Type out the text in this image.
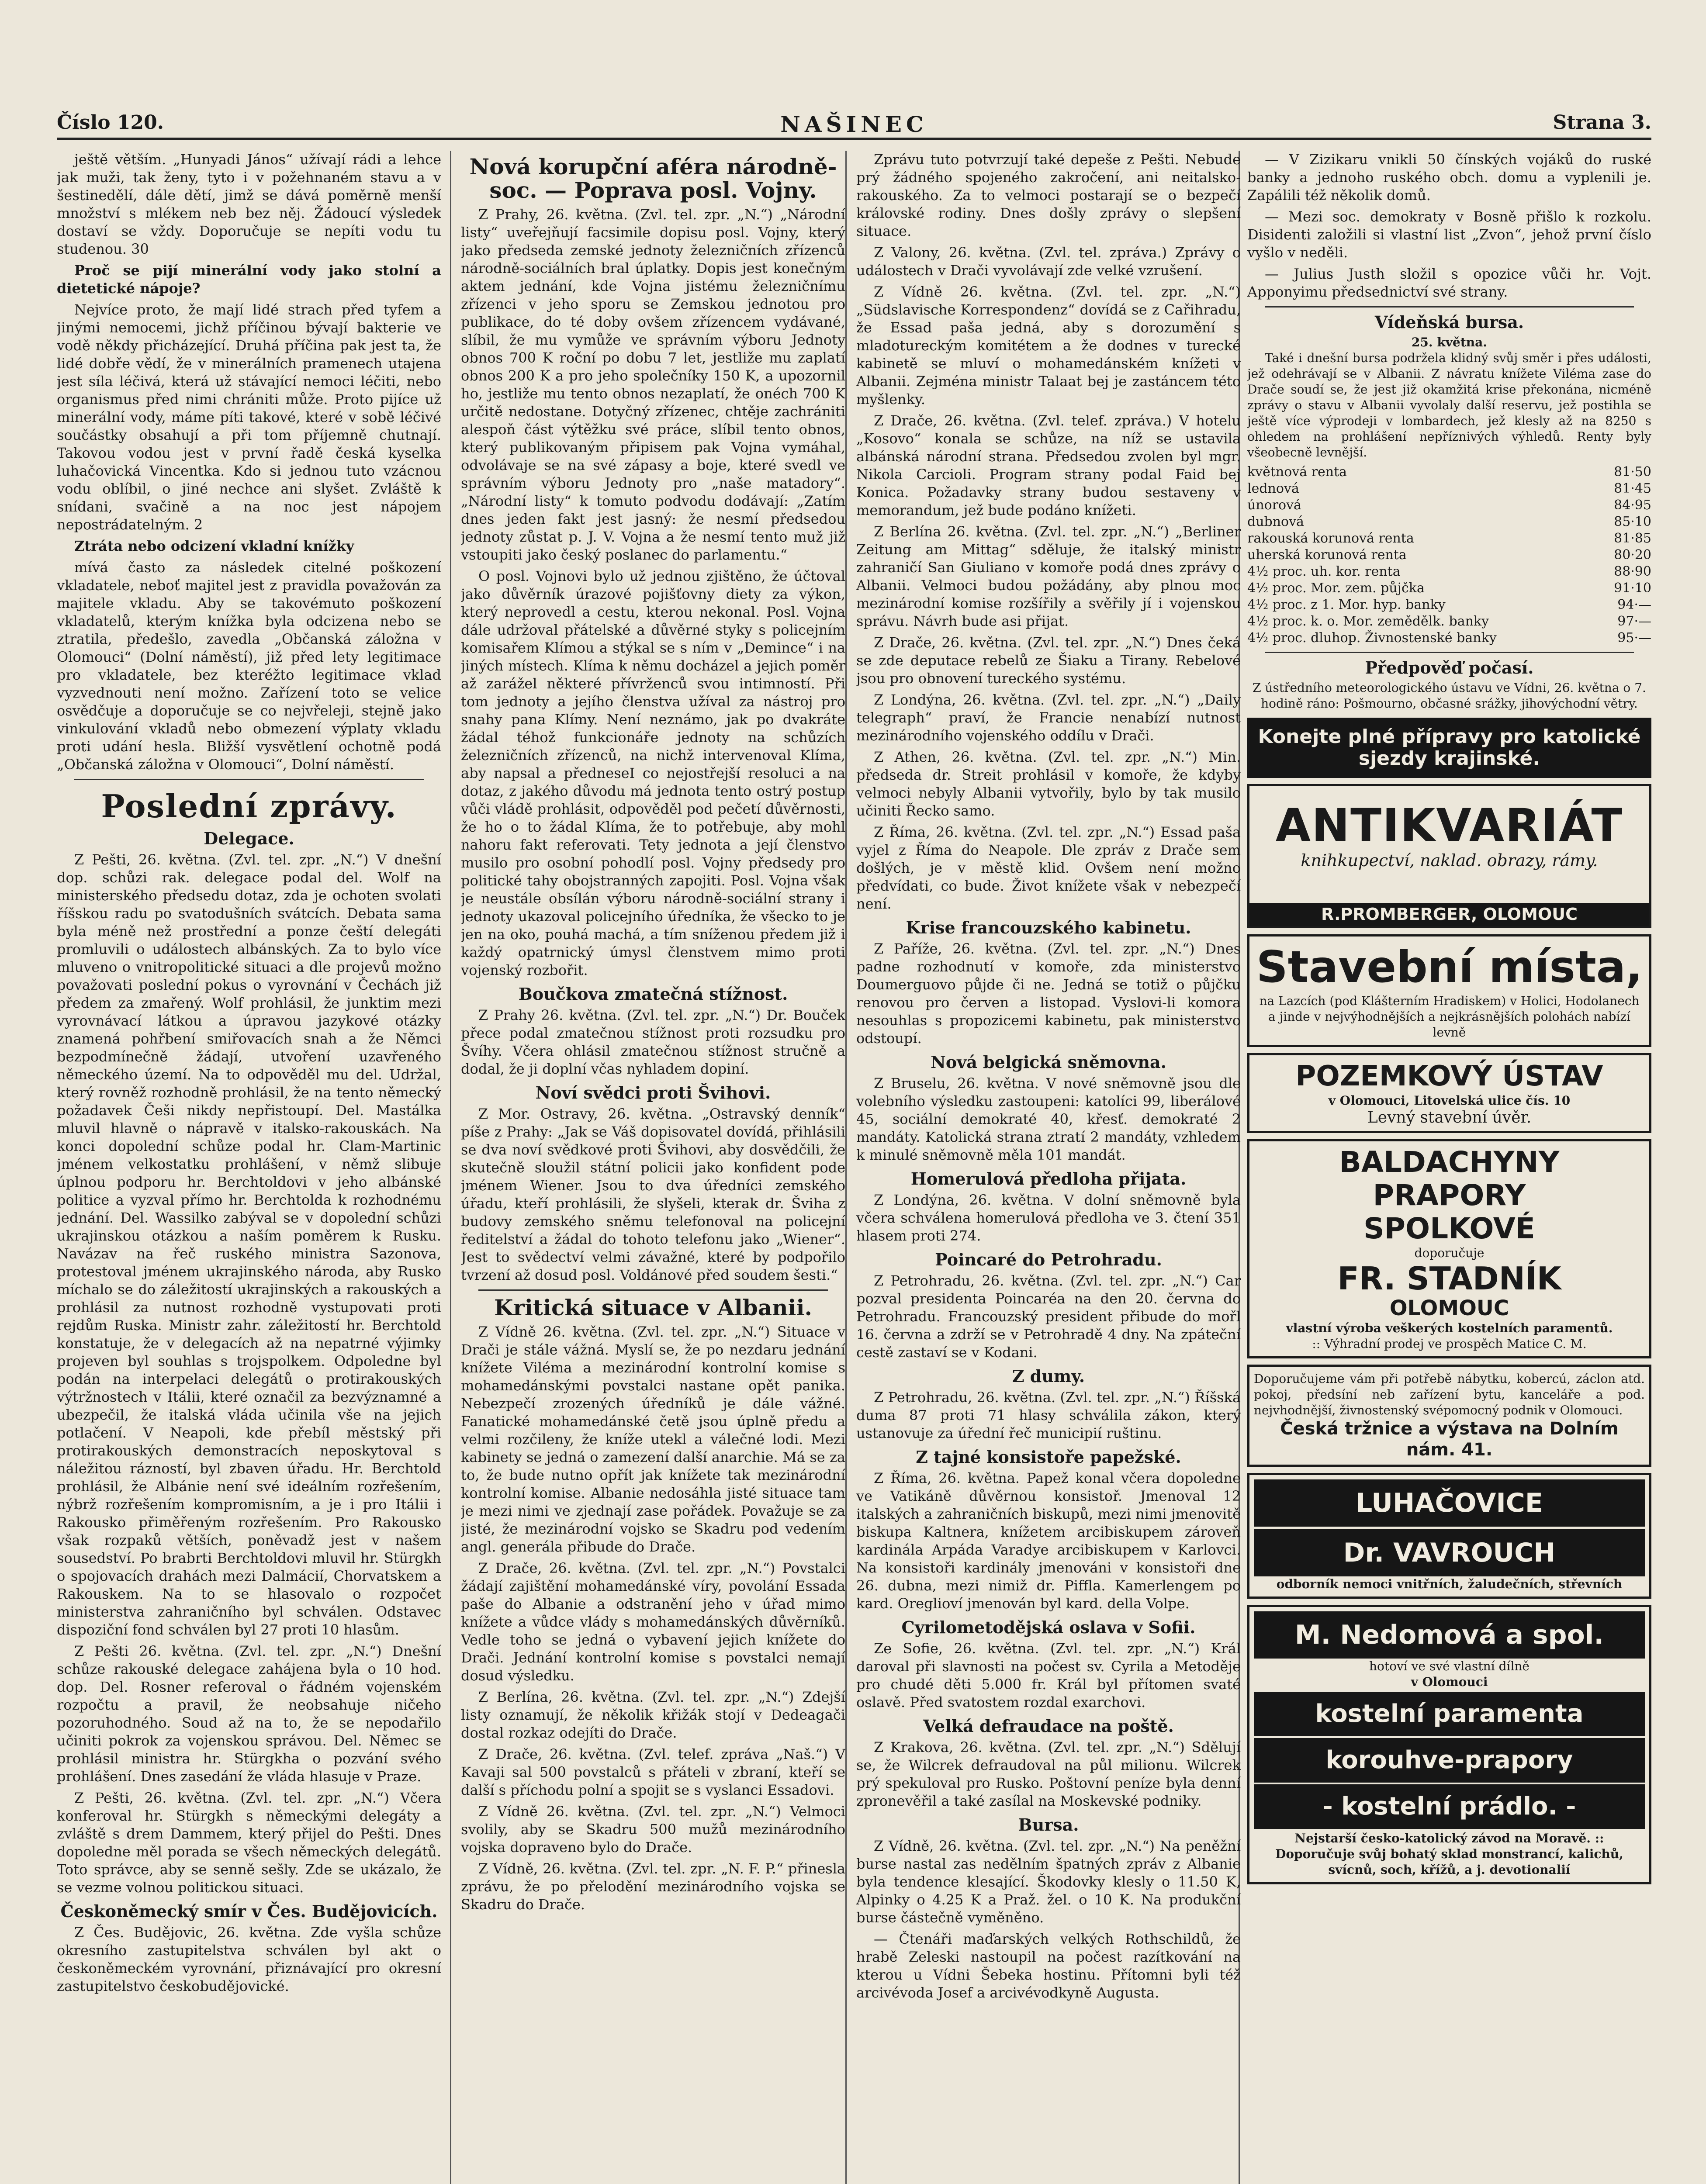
Číslo 120.	NAŠINEC	Strana 3.

ještě větším. „Hunyadi János“ užívají rádi a lehce jak muži, tak ženy, tyto i v požehnaném stavu a v šestinedělí, dále dětí, jimž se dává poměrně menší množství s mlékem neb bez něj. Žádoucí výsledek dostaví se vždy. Doporučuje se nepíti vodu tu studenou. 30

Proč se pijí minerální vody jako stolní a dietetické nápoje?

Nejvíce proto, že mají lidé strach před tyfem a jinými nemocemi, jichž příčinou bývají bakterie ve vodě někdy přicházející. Druhá příčina pak jest ta, že lidé dobře vědí, že v minerálních pramenech utajena jest síla léčivá, která už stávající nemoci léčiti, nebo organismus před nimi chrániti může. Proto pijíce už minerální vody, máme píti takové, které v sobě léčivé součástky obsahují a při tom příjemně chutnají. Takovou vodou jest v první řadě česká kyselka luhačovická Vincentka. Kdo si jednou tuto vzácnou vodu oblíbil, o jiné nechce ani slyšet. Zvláště k snídani, svačině a na noc jest nápojem nepostrádatelným. 2

Ztráta nebo odcizení vkladní knížky

mívá často za následek citelné poškození vkladatele, neboť majitel jest z pravidla považován za majitele vkladu. Aby se takovémuto poškození vkladatelů, kterým knížka byla odcizena nebo se ztratila, předešlo, zavedla „Občanská záložna v Olomouci“ (Dolní náměstí), již před lety legitimace pro vkladatele, bez kteréžto legitimace vklad vyzvednouti není možno. Zařízení toto se velice osvědčuje a doporučuje se co nejvřeleji, stejně jako vinkulování vkladů nebo obmezení výplaty vkladu proti udání hesla. Bližší vysvětlení ochotně podá „Občanská záložna v Olomouci“, Dolní náměstí.

Poslední zprávy.
Delegace.

Z Pešti, 26. května. (Zvl. tel. zpr. „N.“) V dnešní dop. schůzi rak. delegace podal del. Wolf na ministerského předsedu dotaz, zda je ochoten svolati říšskou radu po svatodušních svátcích. Debata sama byla méně než prostřední a ponze čeští delegáti promluvili o událostech albánských. Za to bylo více mluveno o vnitropolitické situaci a dle projevů možno považovati poslední pokus o vyrovnání v Čechách již předem za zmařený. Wolf prohlásil, že junktim mezi vyrovnávací látkou a úpravou jazykové otázky znamená pohřbení smiřovacích snah a že Němci bezpodmínečně žádají, utvoření uzavřeného německého území. Na to odpověděl mu del. Udržal, který rovněž rozhodně prohlásil, že na tento německý požadavek Češi nikdy nepřistoupí. Del. Mastálka mluvil hlavně o nápravě v italsko-rakouskách. Na konci dopolední schůze podal hr. Clam-Martinic jménem velkostatku prohlášení, v němž slibuje úplnou podporu hr. Berchtoldovi v jeho albánské politice a vyzval přímo hr. Berchtolda k rozhodnému jednání. Del. Wassilko zabýval se v dopolední schůzi ukrajinskou otázkou a naším poměrem k Rusku. Navázav na řeč ruského ministra Sazonova, protestoval jménem ukrajinského národa, aby Rusko míchalo se do záležitostí ukrajinských a rakouských a prohlásil za nutnost rozhodně vystupovati proti rejdům Ruska. Ministr zahr. záležitostí hr. Berchtold konstatuje, že v delegacích až na nepatrné výjimky projeven byl souhlas s trojspolkem. Odpoledne byl podán na interpelaci delegátů o protirakouských výtržnostech v Itálii, které označil za bezvýznamné a ubezpečil, že italská vláda učinila vše na jejich potlačení. V Neapoli, kde přebíl městský při protirakouských demonstracích neposkytoval s náležitou rázností, byl zbaven úřadu. Hr. Berchtold prohlásil, že Albánie není své ideálním rozřešením, nýbrž rozřešením kompromisním, a je i pro Itálii i Rakousko přiměřeným rozřešením. Pro Rakousko však rozpaků větších, poněvadž jest v našem sousedství. Po brabrti Berchtoldovi mluvil hr. Stürgkh o spojovacích drahách mezi Dalmácií, Chorvatskem a Rakouskem. Na to se hlasovalo o rozpočet ministerstva zahraničního byl schválen. Odstavec dispoziční fond schválen byl 27 proti 10 hlasům.

Z Pešti 26. května. (Zvl. tel. zpr. „N.“) Dnešní schůze rakouské delegace zahájena byla o 10 hod. dop. Del. Rosner referoval o řádném vojenském rozpočtu a pravil, že neobsahuje ničeho pozoruhodného. Soud až na to, že se nepodařilo učiniti pokrok za vojenskou správou. Del. Němec se prohlásil ministra hr. Stürgkha o pozvání svého prohlášení. Dnes zasedání že vláda hlasuje v Praze.

Z Pešti, 26. května. (Zvl. tel. zpr. „N.“) Včera konferoval hr. Stürgkh s německými delegáty a zvláště s drem Dammem, který přijel do Pešti. Dnes dopoledne měl porada se všech německých delegátů. Toto správce, aby se senně sešly. Zde se ukázalo, že se vezme volnou politickou situaci.

Českoněmecký smír v Čes. Budějovicích.

Z Čes. Budějovic, 26. května. Zde vyšla schůze okresního zastupitelstva schválen byl akt o českoněmeckém vyrovnání, přiznávající pro okresní zastupitelstvo českobudějovické.

Nová korupční aféra národně-soc. — Poprava posl. Vojny.

Z Prahy, 26. května. (Zvl. tel. zpr. „N.“) „Národní listy“ uveřejňují facsimile dopisu posl. Vojny, který jako předseda zemské jednoty železničních zřízenců národně-sociálních bral úplatky. Dopis jest konečným aktem jednání, kde Vojna jistému železničnímu zřízenci v jeho sporu se Zemskou jednotou pro publikace, do té doby ovšem zřízencem vydávané, slíbil, že mu vymůže ve správním výboru Jednoty obnos 700 K roční po dobu 7 let, jestliže mu zaplatí obnos 200 K a pro jeho společníky 150 K, a upozornil ho, jestliže mu tento obnos nezaplatí, že onéch 700 K určitě nedostane. Dotyčný zřízenec, chtěje zachrániti alespoň část výtěžku své práce, slíbil tento obnos, který publikovaným připisem pak Vojna vymáhal, odvolávaje se na své zápasy a boje, které svedl ve správním výboru Jednoty pro „naše matadory“. „Národní listy“ k tomuto podvodu dodávají: „Zatím dnes jeden fakt jest jasný: že nesmí předsedou jednoty zůstat p. J. V. Vojna a že nesmí tento muž již vstoupiti jako český poslanec do parlamentu.“

O posl. Vojnovi bylo už jednou zjištěno, že účtoval jako důvěrník úrazové pojišťovny diety za výkon, který neprovedl a cestu, kterou nekonal. Posl. Vojna dále udržoval přátelské a důvěrné styky s policejním komisařem Klímou a stýkal se s ním v „Demince“ i na jiných místech. Klíma k němu docházel a jejich poměr až zarážel některé přívrženců svou intimností. Při tom jednoty a jejího členstva užíval za nástroj pro snahy pana Klímy. Není neznámo, jak po dvakráte žádal téhož funkcionáře jednoty na schůzích železničních zřízenců, na nichž intervenoval Klíma, aby napsal a předneseI co nejostřejší resoluci a na dotaz, z jakého důvodu má jednota tento ostrý postup vůči vládě prohlásit, odpověděl pod pečetí důvěrnosti, že ho o to žádal Klíma, že to potřebuje, aby mohl nahoru fakt referovati. Tety jednota a její členstvo musilo pro osobní pohodlí posl. Vojny předsedy pro politické tahy obojstranných zapojiti. Posl. Vojna však je neustále obsílán výboru národně-sociální strany i jednoty ukazoval policejního úředníka, že všecko to je jen na oko, pouhá machá, a tím sníženou předem již i každý opatrnický úmysl členstvem mimo proti vojenský rozbořit.

Boučkova zmatečná stížnost.

Z Prahy 26. května. (Zvl. tel. zpr. „N.“) Dr. Bouček přece podal zmatečnou stížnost proti rozsudku pro Švíhy. Včera ohlásil zmatečnou stížnost stručně a dodal, že ji doplní včas nyhladem dopiní.

Noví svědci proti Švihovi.

Z Mor. Ostravy, 26. května. „Ostravský denník“ píše z Prahy: „Jak se Váš dopisovatel dovídá, přihlásili se dva noví svědkové proti Švihovi, aby dosvědčili, že skutečně sloužil státní policii jako konfident pode jménem Wiener. Jsou to dva úředníci zemského úřadu, kteří prohlásili, že slyšeli, kterak dr. Šviha z budovy zemského sněmu telefonoval na policejní ředitelství a žádal do tohoto telefonu jako „Wiener“. Jest to svědectví velmi závažné, které by podpořilo tvrzení až dosud posl. Voldánové před soudem šesti.“

Kritická situace v Albanii.

Z Vídně 26. května. (Zvl. tel. zpr. „N.“) Situace v Drači je stále vážná. Myslí se, že po nezdaru jednání knížete Viléma a mezinárodní kontrolní komise s mohamedánskými povstalci nastane opět panika. Nebezpečí zrozených úředníků je dále vážné. Fanatické mohamedánské četě jsou úplně předu a velmi rozčileny, že kníže utekl a válečné lodi. Mezi kabinety se jedná o zamezení další anarchie. Má se za to, že bude nutno opřít jak knížete tak mezinárodní kontrolní komise. Albanie nedosáhla jisté situace tam je mezi nimi ve zjednají zase pořádek. Považuje se za jisté, že mezinárodní vojsko se Skadru pod vedením angl. generála přibude do Drače.

Z Drače, 26. května. (Zvl. tel. zpr. „N.“) Povstalci žádají zajištění mohamedánské víry, povolání Essada paše do Albanie a odstranění jeho v úřad mimo knížete a vůdce vlády s mohamedánských důvěrníků. Vedle toho se jedná o vybavení jejich knížete do Drači. Jednání kontrolní komise s povstalci nemají dosud výsledku.

Z Berlína, 26. května. (Zvl. tel. zpr. „N.“) Zdejší listy oznamují, že několik křižák stojí v Dedeagači dostal rozkaz odejíti do Drače.

Z Drače, 26. května. (Zvl. telef. zpráva „Naš.“) V Kavaji sal 500 povstalců s přáteli v zbraní, kteří se další s příchodu polní a spojit se s vyslanci Essadovi.

Z Vídně 26. května. (Zvl. tel. zpr. „N.“) Velmoci svolily, aby se Skadru 500 mužů mezinárodního vojska dopraveno bylo do Drače.

Z Vídně, 26. května. (Zvl. tel. zpr. „N. F. P.“ přinesla zprávu, že po přelodění mezinárodního vojska se Skadru do Drače.

Zprávu tuto potvrzují také depeše z Pešti. Nebude prý žádného spojeného zakročení, ani neitalsko-rakouského. Za to velmoci postarají se o bezpečí královské rodiny. Dnes došly zprávy o slepšení situace.

Z Valony, 26. května. (Zvl. tel. zpráva.) Zprávy o událostech v Drači vyvolávají zde velké vzrušení.

Z Vídně 26. května. (Zvl. tel. zpr. „N.“) „Südslavische Korrespondenz“ dovídá se z Cařihradu, že Essad paša jedná, aby s dorozumění s mladotureckým komitétem a že dodnes v turecké kabinetě se mluví o mohamedánském knížeti v Albanii. Zejména ministr Talaat bej je zastáncem této myšlenky.

Z Drače, 26. května. (Zvl. telef. zpráva.) V hotelu „Kosovo“ konala se schůze, na níž se ustavila albánská národní strana. Předsedou zvolen byl mgr. Nikola Carcioli. Program strany podal Faid bej Konica. Požadavky strany budou sestaveny v memorandum, jež bude podáno knížeti.

Z Berlína 26. května. (Zvl. tel. zpr. „N.“) „Berliner Zeitung am Mittag“ sděluje, že italský ministr zahraničí San Giuliano v komoře podá dnes zprávy o Albanii. Velmoci budou požádány, aby plnou moc mezinárodní komise rozšířily a svěřily jí i vojenskou správu. Návrh bude asi přijat.

Z Drače, 26. května. (Zvl. tel. zpr. „N.“) Dnes čeká se zde deputace rebelů ze Šiaku a Tirany. Rebelové jsou pro obnovení tureckého systému.

Z Londýna, 26. května. (Zvl. tel. zpr. „N.“) „Daily telegraph“ praví, že Francie nenabízí nutnost mezinárodního vojenského oddílu v Drači.

Z Athen, 26. května. (Zvl. tel. zpr. „N.“) Min. předseda dr. Streit prohlásil v komoře, že kdyby velmoci nebyly Albanii vytvořily, bylo by tak musilo učiniti Řecko samo.

Z Říma, 26. května. (Zvl. tel. zpr. „N.“) Essad paša vyjel z Říma do Neapole. Dle zpráv z Drače sem došlých, je v městě klid. Ovšem není možno předvídati, co bude. Život knížete však v nebezpečí není.

Krise francouzského kabinetu.

Z Paříže, 26. května. (Zvl. tel. zpr. „N.“) Dnes padne rozhodnutí v komoře, zda ministerstvo Doumerguovo půjde či ne. Jedná se totiž o půjčku renovou pro červen a listopad. Vyslovi-li komora nesouhlas s propozicemi kabinetu, pak ministerstvo odstoupí.

Nová belgická sněmovna.

Z Bruselu, 26. května. V nové sněmovně jsou dle volebního výsledku zastoupeni: katolíci 99, liberálové 45, sociální demokraté 40, křesť. demokraté 2 mandáty. Katolická strana ztratí 2 mandáty, vzhledem k minulé sněmovně měla 101 mandát.

Homerulová předloha přijata.

Z Londýna, 26. května. V dolní sněmovně byla včera schválena homerulová předloha ve 3. čtení 351 hlasem proti 274.

Poincaré do Petrohradu.

Z Petrohradu, 26. května. (Zvl. tel. zpr. „N.“) Car pozval presidenta Poincaréa na den 20. června do Petrohradu. Francouzský president přibude do mořl 16. června a zdrží se v Petrohradě 4 dny. Na zpáteční cestě zastaví se v Kodani.

Z dumy.

Z Petrohradu, 26. května. (Zvl. tel. zpr. „N.“) Říšská duma 87 proti 71 hlasy schválila zákon, který ustanovuje za úřední řeč municipií ruštinu.

Z tajné konsistoře papežské.

Z Říma, 26. května. Papež konal včera dopoledne ve Vatikáně důvěrnou konsistoř. Jmenoval 12 italských a zahraničních biskupů, mezi nimi jmenovitě biskupa Kaltnera, knížetem arcibiskupem zároveň kardinála Arpáda Varadye arcibiskupem v Karlovci. Na konsistoři kardinály jmenováni v konsistoři dne 26. dubna, mezi nimiž dr. Piffla. Kamerlengem po kard. Oreglioví jmenován byl kard. della Volpe.

Cyrilometodějská oslava v Sofii.

Ze Sofie, 26. května. (Zvl. tel. zpr. „N.“) Král daroval při slavnosti na počest sv. Cyrila a Metoděje pro chudé děti 5.000 fr. Král byl přítomen svaté oslavě. Před svatostem rozdal exarchovi.

Velká defraudace na poště.

Z Krakova, 26. května. (Zvl. tel. zpr. „N.“) Sdělují se, že Wilcrek defraudoval na půl milionu. Wilcrek prý spekuloval pro Rusko. Poštovní peníze byla denní zpronevěřil a také zasílal na Moskevské podniky.

Bursa.

Z Vídně, 26. května. (Zvl. tel. zpr. „N.“) Na peněžní burse nastal zas nedělním špatných zpráv z Albanie byla tendence klesající. Škodovky klesly o 11.50 K, Alpinky o 4.25 K a Praž. žel. o 10 K. Na produkční burse částečně vyměněno.

— Čtenáři maďarských velkých Rothschildů, že hrabě Zeleski nastoupil na počest razítkování na kterou u Vídni Šebeka hostinu. Přítomni byli též arcivévoda Josef a arcivévodkyně Augusta.

— V Zizikaru vnikli 50 čínských vojáků do ruské banky a jednoho ruského obch. domu a vyplenili je. Zapálili též několik domů.

— Mezi soc. demokraty v Bosně přišlo k rozkolu. Disidenti založili si vlastní list „Zvon“, jehož první číslo vyšlo v neděli.

— Julius Justh složil s opozice vůči hr. Vojt. Apponyimu předsednictví své strany.

Vídeňská bursa.
25. května.

Také i dnešní bursa podržela klidný svůj směr i přes události, jež odehrávají se v Albanii. Z návratu knížete Viléma zase do Drače soudí se, že jest již okamžitá krise překonána, nicméně zprávy o stavu v Albanii vyvolaly další reservu, jež postihla se ještě více výprodeji v lombardech, jež klesly až na 8250 s ohledem na prohlášení nepříznivých výhledů. Renty byly všeobecně levnější.

květnová renta	81·50
lednová	81·45
únorová	84·95
dubnová	85·10
rakouská korunová renta	81·85
uherská korunová renta	80·20
4½ proc. uh. kor. renta	88·90
4½ proc. Mor. zem. půjčka	91·10
4½ proc. z 1. Mor. hyp. banky	94·—
4½ proc. k. o. Mor. zemědělk. banky	97·—
4½ proc. dluhop. Živnostenské banky	95·—
Předpověď počasí.

Z ústředního meteorologického ústavu ve Vídni, 26. května o 7. hodině ráno: Pošmourno, občasné srážky, jihovýchodní větry.

Konejte plné přípravy pro katolické sjezdy krajinské.
ANTIKVARIÁT
knihkupectví, naklad. obrazy, rámy.
R.PROMBERGER, OLOMOUC
Stavební místa,
na Lazcích (pod Klášterním Hradiskem) v Holici, Hodolanech a jinde v nejvýhodnějších a nejkrásnějších polohách nabízí levně
POZEMKOVÝ ÚSTAV
v Olomouci, Litovelská ulice čís. 10
Levný stavební úvěr.
BALDACHYNY
PRAPORY
SPOLKOVÉ
doporučuje
FR. STADNÍK
OLOMOUC
vlastní výroba veškerých kostelních paramentů.
:: Výhradní prodej ve prospěch Matice C. M.
Doporučujeme vám při potřebě nábytku, kobercú, záclon atd. pokoj, předsíní neb zařízení bytu, kanceláře a pod. nejvhodnější, živnostenský svépomocný podnik v Olomouci.
Česká tržnice a výstava na Dolním nám. 41.
LUHAČOVICE
Dr. VAVROUCH
odborník nemoci vnitřních, žaludečních, střevních
M. Nedomová a spol.
hotoví ve své vlastní dílně
v Olomouci
kostelní paramenta
korouhve-prapory
- kostelní prádlo. -
Nejstarší česko-katolický závod na Moravě. :: Doporučuje svůj bohatý sklad monstrancí, kalichů, svícnů, soch, křížů, a j. devotionalií
